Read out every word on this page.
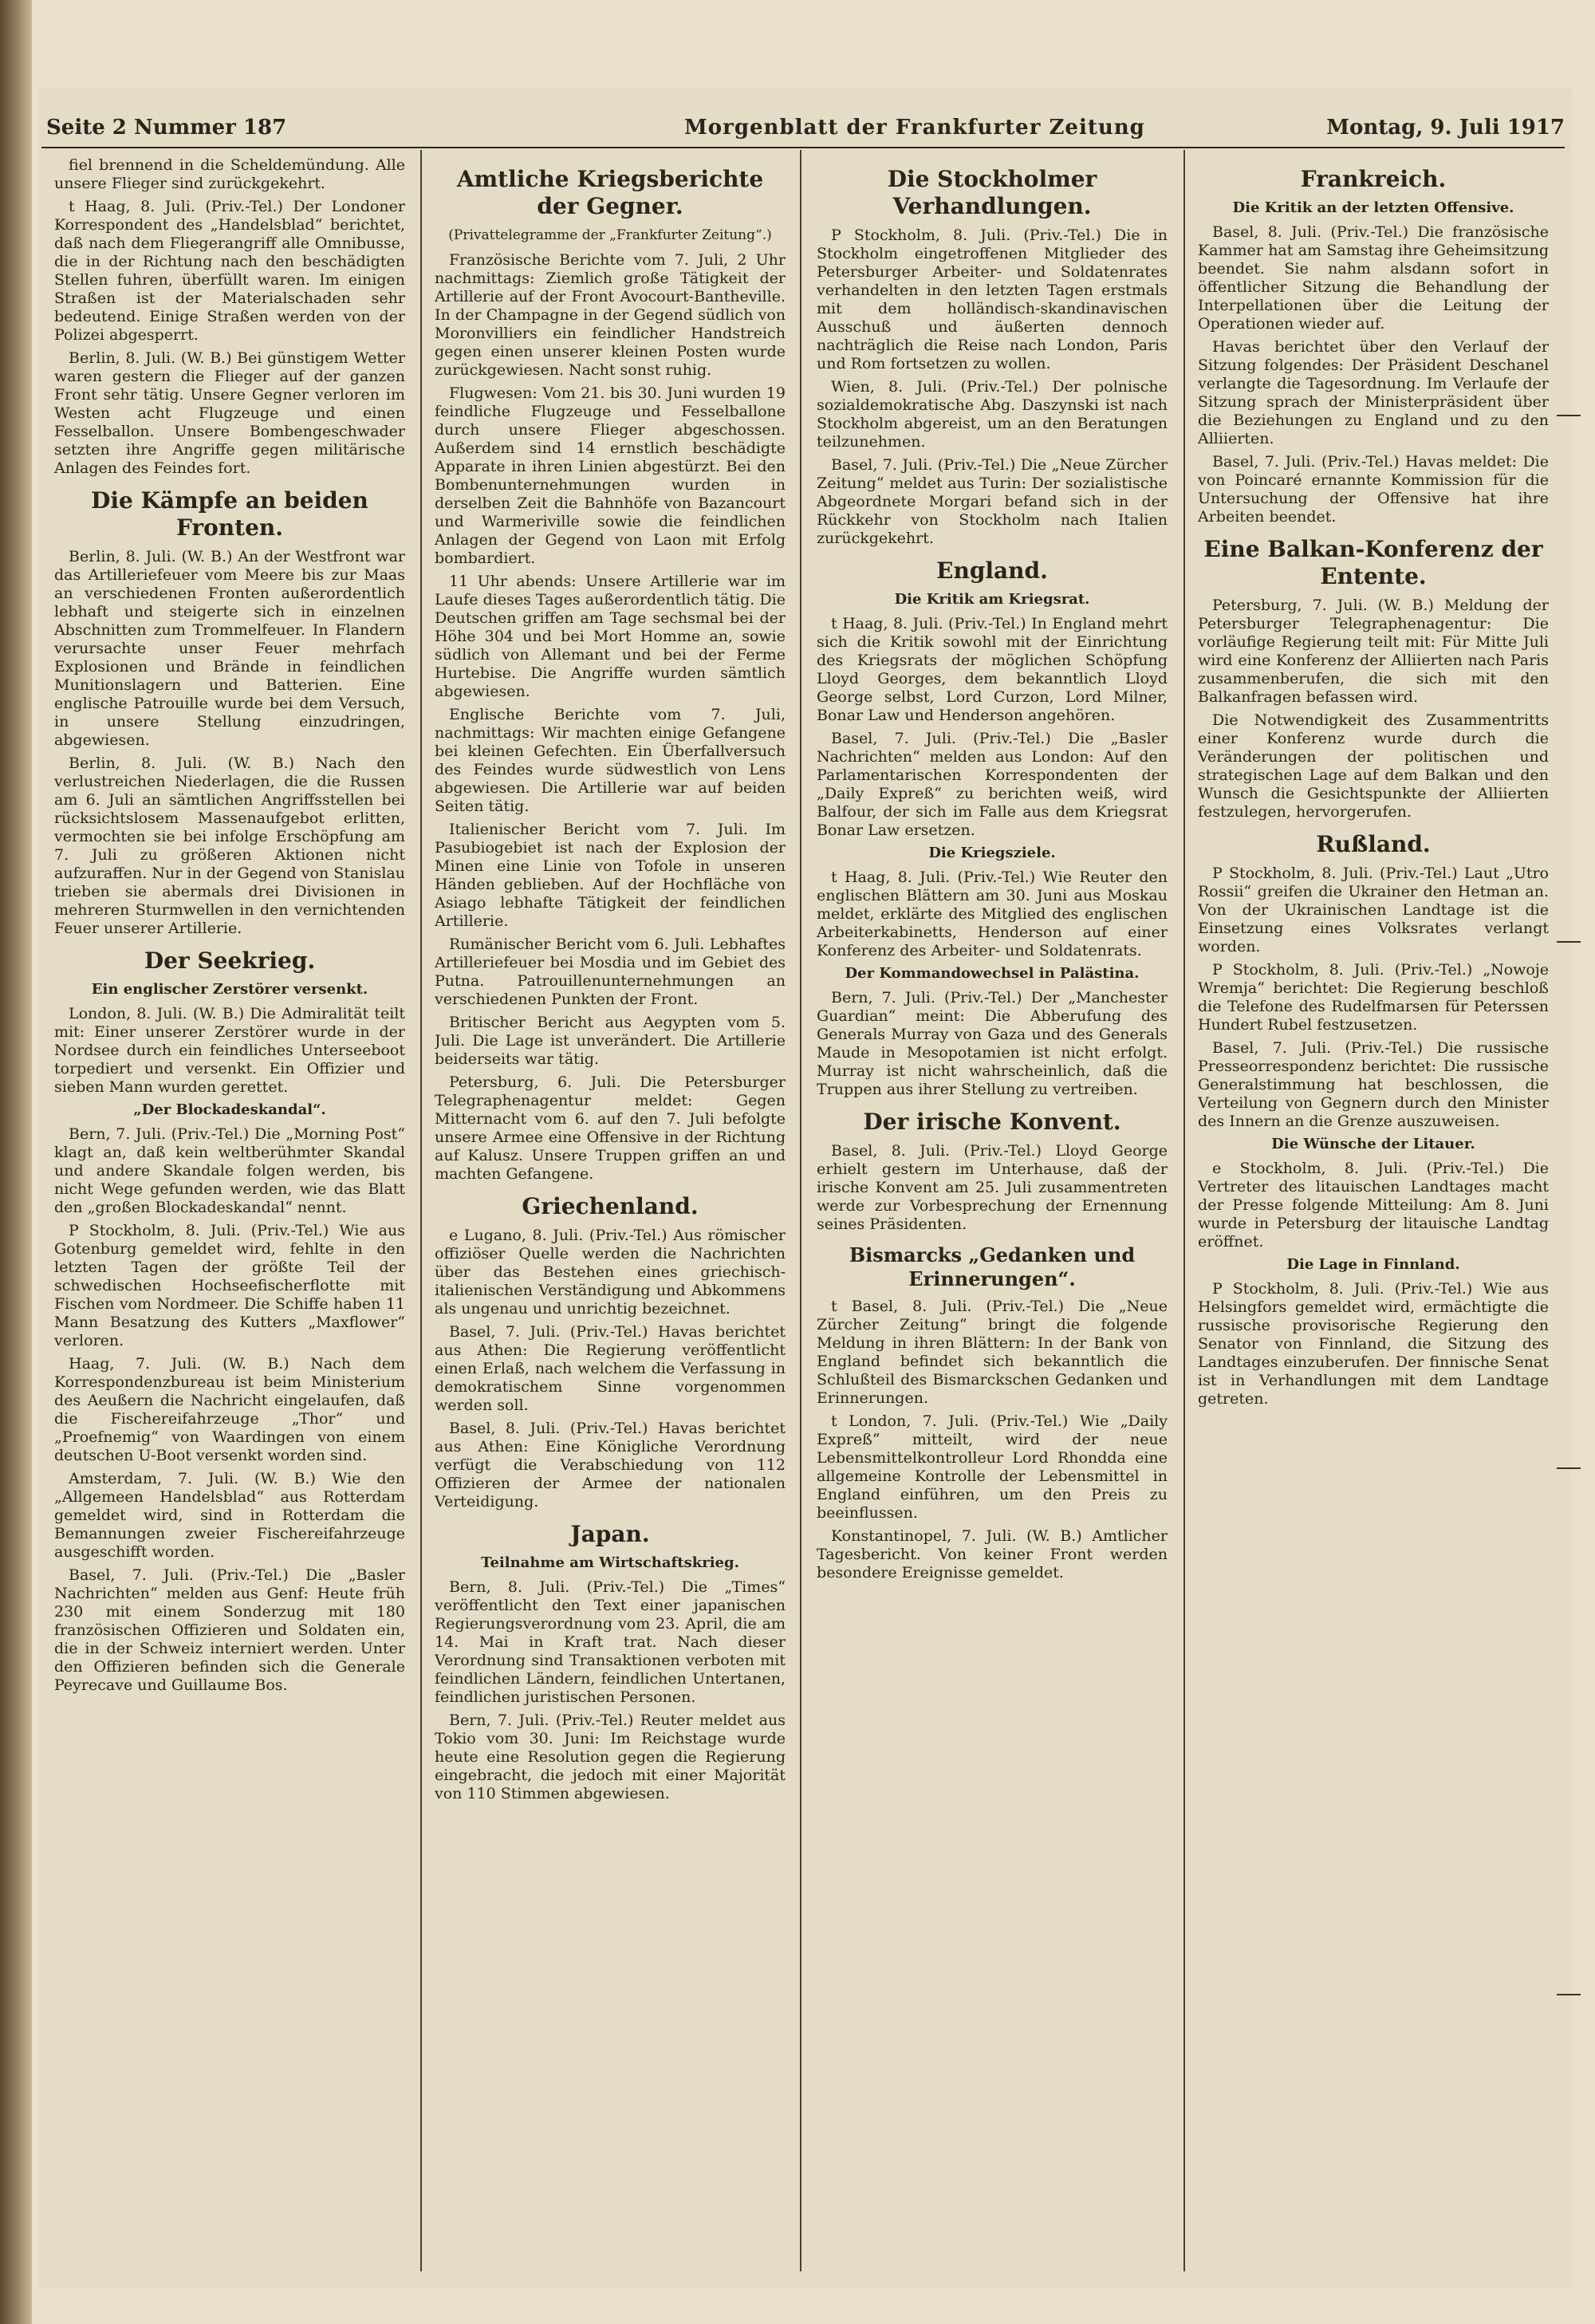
Seite 2 Nummer 187	Morgenblatt der Frankfurter Zeitung	Montag, 9. Juli 1917

fiel brennend in die Scheldemündung. Alle unsere Flieger sind zurückgekehrt.

t Haag, 8. Juli. (Priv.-Tel.) Der Londoner Korrespondent des „Handelsblad“ berichtet, daß nach dem Fliegerangriff alle Omnibusse, die in der Richtung nach den beschädigten Stellen fuhren, überfüllt waren. Im einigen Straßen ist der Materialschaden sehr bedeutend. Einige Straßen werden von der Polizei abgesperrt.

Berlin, 8. Juli. (W. B.) Bei günstigem Wetter waren gestern die Flieger auf der ganzen Front sehr tätig. Unsere Gegner verloren im Westen acht Flugzeuge und einen Fesselballon. Unsere Bombengeschwader setzten ihre Angriffe gegen militärische Anlagen des Feindes fort.

Die Kämpfe an beiden Fronten.

Berlin, 8. Juli. (W. B.) An der Westfront war das Artilleriefeuer vom Meere bis zur Maas an verschiedenen Fronten außerordentlich lebhaft und steigerte sich in einzelnen Abschnitten zum Trommelfeuer. In Flandern verursachte unser Feuer mehrfach Explosionen und Brände in feindlichen Munitionslagern und Batterien. Eine englische Patrouille wurde bei dem Versuch, in unsere Stellung einzudringen, abgewiesen.

Berlin, 8. Juli. (W. B.) Nach den verlustreichen Niederlagen, die die Russen am 6. Juli an sämtlichen Angriffsstellen bei rücksichtslosem Massenaufgebot erlitten, vermochten sie bei infolge Erschöpfung am 7. Juli zu größeren Aktionen nicht aufzuraffen. Nur in der Gegend von Stanislau trieben sie abermals drei Divisionen in mehreren Sturmwellen in den vernichtenden Feuer unserer Artillerie.

Der Seekrieg.
Ein englischer Zerstörer versenkt.

London, 8. Juli. (W. B.) Die Admiralität teilt mit: Einer unserer Zerstörer wurde in der Nordsee durch ein feindliches Unterseeboot torpediert und versenkt. Ein Offizier und sieben Mann wurden gerettet.

„Der Blockadeskandal“.

Bern, 7. Juli. (Priv.-Tel.) Die „Morning Post“ klagt an, daß kein weltberühmter Skandal und andere Skandale folgen werden, bis nicht Wege gefunden werden, wie das Blatt den „großen Blockadeskandal“ nennt.

P Stockholm, 8. Juli. (Priv.-Tel.) Wie aus Gotenburg gemeldet wird, fehlte in den letzten Tagen der größte Teil der schwedischen Hochseefischerflotte mit Fischen vom Nordmeer. Die Schiffe haben 11 Mann Besatzung des Kutters „Maxflower“ verloren.

Haag, 7. Juli. (W. B.) Nach dem Korrespondenzbureau ist beim Ministerium des Aeußern die Nachricht eingelaufen, daß die Fischereifahrzeuge „Thor“ und „Proefnemig“ von Waardingen von einem deutschen U-Boot versenkt worden sind.

Amsterdam, 7. Juli. (W. B.) Wie den „Allgemeen Handelsblad“ aus Rotterdam gemeldet wird, sind in Rotterdam die Bemannungen zweier Fischereifahrzeuge ausgeschifft worden.

Basel, 7. Juli. (Priv.-Tel.) Die „Basler Nachrichten“ melden aus Genf: Heute früh 230 mit einem Sonderzug mit 180 französischen Offizieren und Soldaten ein, die in der Schweiz interniert werden. Unter den Offizieren befinden sich die Generale Peyrecave und Guillaume Bos.

Amtliche Kriegsberichte der Gegner.
(Privattelegramme der „Frankfurter Zeitung“.)

Französische Berichte vom 7. Juli, 2 Uhr nachmittags: Ziemlich große Tätigkeit der Artillerie auf der Front Avocourt-Bantheville. In der Champagne in der Gegend südlich von Moronvilliers ein feindlicher Handstreich gegen einen unserer kleinen Posten wurde zurückgewiesen. Nacht sonst ruhig.

Flugwesen: Vom 21. bis 30. Juni wurden 19 feindliche Flugzeuge und Fesselballone durch unsere Flieger abgeschossen. Außerdem sind 14 ernstlich beschädigte Apparate in ihren Linien abgestürzt. Bei den Bombenunternehmungen wurden in derselben Zeit die Bahnhöfe von Bazancourt und Warmeriville sowie die feindlichen Anlagen der Gegend von Laon mit Erfolg bombardiert.

11 Uhr abends: Unsere Artillerie war im Laufe dieses Tages außerordentlich tätig. Die Deutschen griffen am Tage sechsmal bei der Höhe 304 und bei Mort Homme an, sowie südlich von Allemant und bei der Ferme Hurtebise. Die Angriffe wurden sämtlich abgewiesen.

Englische Berichte vom 7. Juli, nachmittags: Wir machten einige Gefangene bei kleinen Gefechten. Ein Überfallversuch des Feindes wurde südwestlich von Lens abgewiesen. Die Artillerie war auf beiden Seiten tätig.

Italienischer Bericht vom 7. Juli. Im Pasubiogebiet ist nach der Explosion der Minen eine Linie von Tofole in unseren Händen geblieben. Auf der Hochfläche von Asiago lebhafte Tätigkeit der feindlichen Artillerie.

Rumänischer Bericht vom 6. Juli. Lebhaftes Artilleriefeuer bei Mosdia und im Gebiet des Putna. Patrouillenunternehmungen an verschiedenen Punkten der Front.

Britischer Bericht aus Aegypten vom 5. Juli. Die Lage ist unverändert. Die Artillerie beiderseits war tätig.

Petersburg, 6. Juli. Die Petersburger Telegraphenagentur meldet: Gegen Mitternacht vom 6. auf den 7. Juli befolgte unsere Armee eine Offensive in der Richtung auf Kalusz. Unsere Truppen griffen an und machten Gefangene.

Griechenland.

e Lugano, 8. Juli. (Priv.-Tel.) Aus römischer offiziöser Quelle werden die Nachrichten über das Bestehen eines griechisch-italienischen Verständigung und Abkommens als ungenau und unrichtig bezeichnet.

Basel, 7. Juli. (Priv.-Tel.) Havas berichtet aus Athen: Die Regierung veröffentlicht einen Erlaß, nach welchem die Verfassung in demokratischem Sinne vorgenommen werden soll.

Basel, 8. Juli. (Priv.-Tel.) Havas berichtet aus Athen: Eine Königliche Verordnung verfügt die Verabschiedung von 112 Offizieren der Armee der nationalen Verteidigung.

Japan.
Teilnahme am Wirtschaftskrieg.

Bern, 8. Juli. (Priv.-Tel.) Die „Times“ veröffentlicht den Text einer japanischen Regierungsverordnung vom 23. April, die am 14. Mai in Kraft trat. Nach dieser Verordnung sind Transaktionen verboten mit feindlichen Ländern, feindlichen Untertanen, feindlichen juristischen Personen.

Bern, 7. Juli. (Priv.-Tel.) Reuter meldet aus Tokio vom 30. Juni: Im Reichstage wurde heute eine Resolution gegen die Regierung eingebracht, die jedoch mit einer Majorität von 110 Stimmen abgewiesen.

Die Stockholmer Verhandlungen.

P Stockholm, 8. Juli. (Priv.-Tel.) Die in Stockholm eingetroffenen Mitglieder des Petersburger Arbeiter- und Soldatenrates verhandelten in den letzten Tagen erstmals mit dem holländisch-skandinavischen Ausschuß und äußerten dennoch nachträglich die Reise nach London, Paris und Rom fortsetzen zu wollen.

Wien, 8. Juli. (Priv.-Tel.) Der polnische sozialdemokratische Abg. Daszynski ist nach Stockholm abgereist, um an den Beratungen teilzunehmen.

Basel, 7. Juli. (Priv.-Tel.) Die „Neue Zürcher Zeitung“ meldet aus Turin: Der sozialistische Abgeordnete Morgari befand sich in der Rückkehr von Stockholm nach Italien zurückgekehrt.

England.
Die Kritik am Kriegsrat.

t Haag, 8. Juli. (Priv.-Tel.) In England mehrt sich die Kritik sowohl mit der Einrichtung des Kriegsrats der möglichen Schöpfung Lloyd Georges, dem bekanntlich Lloyd George selbst, Lord Curzon, Lord Milner, Bonar Law und Henderson angehören.

Basel, 7. Juli. (Priv.-Tel.) Die „Basler Nachrichten“ melden aus London: Auf den Parlamentarischen Korrespondenten der „Daily Expreß“ zu berichten weiß, wird Balfour, der sich im Falle aus dem Kriegsrat Bonar Law ersetzen.

Die Kriegsziele.

t Haag, 8. Juli. (Priv.-Tel.) Wie Reuter den englischen Blättern am 30. Juni aus Moskau meldet, erklärte des Mitglied des englischen Arbeiterkabinetts, Henderson auf einer Konferenz des Arbeiter- und Soldatenrats.

Der Kommandowechsel in Palästina.

Bern, 7. Juli. (Priv.-Tel.) Der „Manchester Guardian“ meint: Die Abberufung des Generals Murray von Gaza und des Generals Maude in Mesopotamien ist nicht erfolgt. Murray ist nicht wahrscheinlich, daß die Truppen aus ihrer Stellung zu vertreiben.

Der irische Konvent.

Basel, 8. Juli. (Priv.-Tel.) Lloyd George erhielt gestern im Unterhause, daß der irische Konvent am 25. Juli zusammentreten werde zur Vorbesprechung der Ernennung seines Präsidenten.

Bismarcks „Gedanken und Erinnerungen“.

t Basel, 8. Juli. (Priv.-Tel.) Die „Neue Zürcher Zeitung“ bringt die folgende Meldung in ihren Blättern: In der Bank von England befindet sich bekanntlich die Schlußteil des Bismarckschen Gedanken und Erinnerungen.

t London, 7. Juli. (Priv.-Tel.) Wie „Daily Expreß“ mitteilt, wird der neue Lebensmittelkontrolleur Lord Rhondda eine allgemeine Kontrolle der Lebensmittel in England einführen, um den Preis zu beeinflussen.

Konstantinopel, 7. Juli. (W. B.) Amtlicher Tagesbericht. Von keiner Front werden besondere Ereignisse gemeldet.

Frankreich.
Die Kritik an der letzten Offensive.

Basel, 8. Juli. (Priv.-Tel.) Die französische Kammer hat am Samstag ihre Geheimsitzung beendet. Sie nahm alsdann sofort in öffentlicher Sitzung die Behandlung der Interpellationen über die Leitung der Operationen wieder auf.

Havas berichtet über den Verlauf der Sitzung folgendes: Der Präsident Deschanel verlangte die Tagesordnung. Im Verlaufe der Sitzung sprach der Ministerpräsident über die Beziehungen zu England und zu den Alliierten.

Basel, 7. Juli. (Priv.-Tel.) Havas meldet: Die von Poincaré ernannte Kommission für die Untersuchung der Offensive hat ihre Arbeiten beendet.

Eine Balkan-Konferenz der Entente.

Petersburg, 7. Juli. (W. B.) Meldung der Petersburger Telegraphenagentur: Die vorläufige Regierung teilt mit: Für Mitte Juli wird eine Konferenz der Alliierten nach Paris zusammenberufen, die sich mit den Balkanfragen befassen wird.

Die Notwendigkeit des Zusammentritts einer Konferenz wurde durch die Veränderungen der politischen und strategischen Lage auf dem Balkan und den Wunsch die Gesichtspunkte der Alliierten festzulegen, hervorgerufen.

Rußland.

P Stockholm, 8. Juli. (Priv.-Tel.) Laut „Utro Rossii“ greifen die Ukrainer den Hetman an. Von der Ukrainischen Landtage ist die Einsetzung eines Volksrates verlangt worden.

P Stockholm, 8. Juli. (Priv.-Tel.) „Nowoje Wremja“ berichtet: Die Regierung beschloß die Telefone des Rudelfmarsen für Peterssen Hundert Rubel festzusetzen.

Basel, 7. Juli. (Priv.-Tel.) Die russische Presseorrespondenz berichtet: Die russische Generalstimmung hat beschlossen, die Verteilung von Gegnern durch den Minister des Innern an die Grenze auszuweisen.

Die Wünsche der Litauer.

e Stockholm, 8. Juli. (Priv.-Tel.) Die Vertreter des litauischen Landtages macht der Presse folgende Mitteilung: Am 8. Juni wurde in Petersburg der litauische Landtag eröffnet.

Die Lage in Finnland.

P Stockholm, 8. Juli. (Priv.-Tel.) Wie aus Helsingfors gemeldet wird, ermächtigte die russische provisorische Regierung den Senator von Finnland, die Sitzung des Landtages einzuberufen. Der finnische Senat ist in Verhandlungen mit dem Landtage getreten.
